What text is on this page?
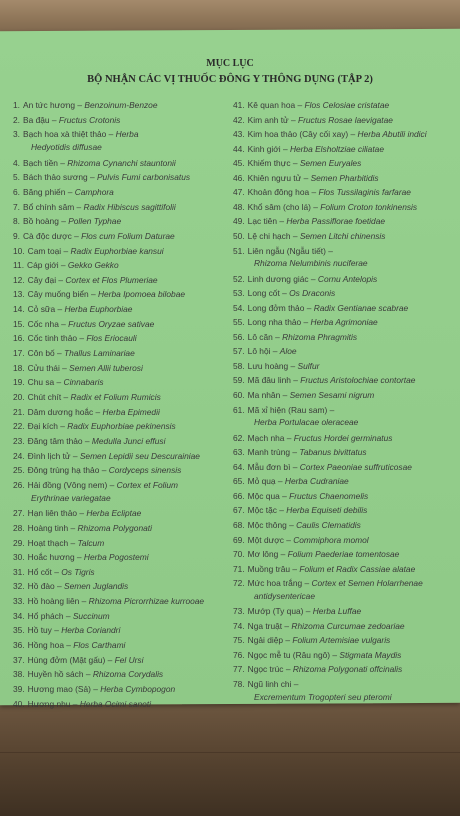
MỤC LỤC
BỘ NHẬN CÁC VỊ THUỐC ĐÔNG Y THÔNG DỤNG (TẬP 2)
1. An tức hương – Benzoinum-Benzoe
2. Ba đậu – Fructus Crotonis
3. Bạch hoa xà thiệt thảo – Herba
Hedyotidis diffusae
4. Bạch tiền – Rhizoma Cynanchi stauntonii
5. Bách thảo sương – Pulvis Fumi carbonisatus
6. Băng phiến – Camphora
7. Bổ chính sâm – Radix Hibiscus sagittifolii
8. Bồ hoàng – Pollen Typhae
9. Cà độc dược – Flos cum Folium Daturae
10. Cam toại – Radix Euphorbiae kansui
11. Cáp giới – Gekko Gekko
12. Cây đại – Cortex et Flos Plumeriae
13. Cây muống biển – Herba Ipomoea bilobae
14. Cỏ sữa – Herba Euphorbiae
15. Cốc nha – Fructus Oryzae sativae
16. Cốc tinh thảo – Flos Eriocauli
17. Côn bố – Thallus Laminariae
18. Cửu thái – Semen Allii tuberosi
19. Chu sa – Cinnabaris
20. Chút chít – Radix et Folium Rumicis
21. Dâm dương hoắc – Herba Epimedii
22. Đại kích – Radix Euphorbiae pekinensis
23. Đăng tâm thảo – Medulla Junci effusi
24. Đình lịch tử – Semen Lepidii seu Descurainiae
25. Đông trùng hạ thảo – Cordyceps sinensis
26. Hải đồng (Vông nem) – Cortex et Folium
Erythrinae variegatae
27. Hạn liên thảo – Herba Ecliptae
28. Hoàng tinh – Rhizoma Polygonati
29. Hoạt thạch – Talcum
30. Hoắc hương – Herba Pogostemi
31. Hổ cốt – Os Tigris
32. Hồ đào – Semen Juglandis
33. Hồ hoàng liên – Rhizoma Picrorrhizae kurrooae
34. Hổ phách – Succinum
35. Hồ tuy – Herba Coriandri
36. Hồng hoa – Flos Carthami
37. Hùng đởm (Mật gấu) – Fel Ursi
38. Huyền hồ sách – Rhizoma Corydalis
39. Hương mao (Sả) – Herba Cymbopogon
40. Hương nhu – Herba Ocimi sanoti
41. Kê quan hoa – Flos Celosiae cristatae
42. Kim anh tử – Fructus Rosae laevigatae
43. Kim hoa thảo (Cây cối xay) – Herba Abutili indici
44. Kinh giới – Herba Elsholtziae ciliatae
45. Khiếm thực – Semen Euryales
46. Khiên ngưu tử – Semen Pharbitidis
47. Khoản đông hoa – Flos Tussilaginis farfarae
48. Khổ sâm (cho lá) – Folium Croton tonkinensis
49. Lạc tiên – Herba Passiflorae foetidae
50. Lệ chi hạch – Semen Litchi chinensis
51. Liên ngẫu (Ngẫu tiết) –
Rhizoma Nelumbinis nuciferae
52. Linh dương giác – Cornu Antelopis
53. Long cốt – Os Draconis
54. Long đởm thảo – Radix Gentianae scabrae
55. Long nha thảo – Herba Agrimoniae
56. Lô căn – Rhizoma Phragmitis
57. Lô hội – Aloe
58. Lưu hoàng – Sulfur
59. Mã đâu linh – Fructus Aristolochiae contortae
60. Ma nhân – Semen Sesami nigrum
61. Mã xỉ hiện (Rau sam) –
Herba Portulacae oleraceae
62. Mạch nha – Fructus Hordei germinatus
63. Manh trùng – Tabanus bivittatus
64. Mẫu đơn bì – Cortex Paeoniae suffruticosae
65. Mỏ quạ – Herba Cudraniae
66. Mộc qua – Fructus Chaenomelis
67. Mộc tặc – Herba Equiseti debilis
68. Mộc thông – Caulis Clematidis
69. Một dược – Commiphora momol
70. Mơ lông – Folium Paederiae tomentosae
71. Muồng trâu – Folium et Radix Cassiae alatae
72. Mức hoa trắng – Cortex et Semen Holarrhenae
antidysentericae
73. Mướp (Ty qua) – Herba Luffae
74. Nga truật – Rhizoma Curcumae zedoariae
75. Ngải diệp – Folium Artemisiae vulgaris
76. Ngọc mễ tu (Râu ngô) – Stigmata Maydis
77. Ngọc trúc – Rhizoma Polygonati offcinalis
78. Ngũ linh chi –
Excrementum Trogopteri seu pteromi
